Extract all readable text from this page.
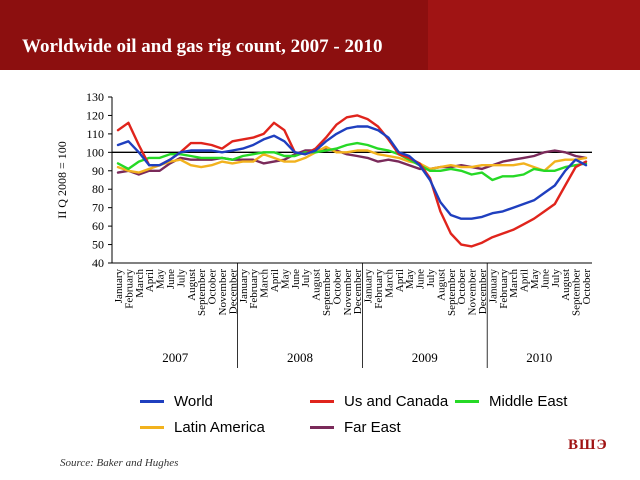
Worldwide oil and gas rig count, 2007 - 2010
40
50
60
70
80
90
100
110
120
130
II Q 2008 = 100
January
February
March
April
May
June
July
August
September
October
November
December
January
February
March
April
May
June
July
August
September
October
November
December
January
February
March
April
May
June
July
August
September
October
November
December
January
February
March
April
May
June
July
August
September
October
2007	2008	2009	2010
World	Us and Canada	Middle East
Latin America	Far East
Source: Baker and Hughes
ВШЭ
